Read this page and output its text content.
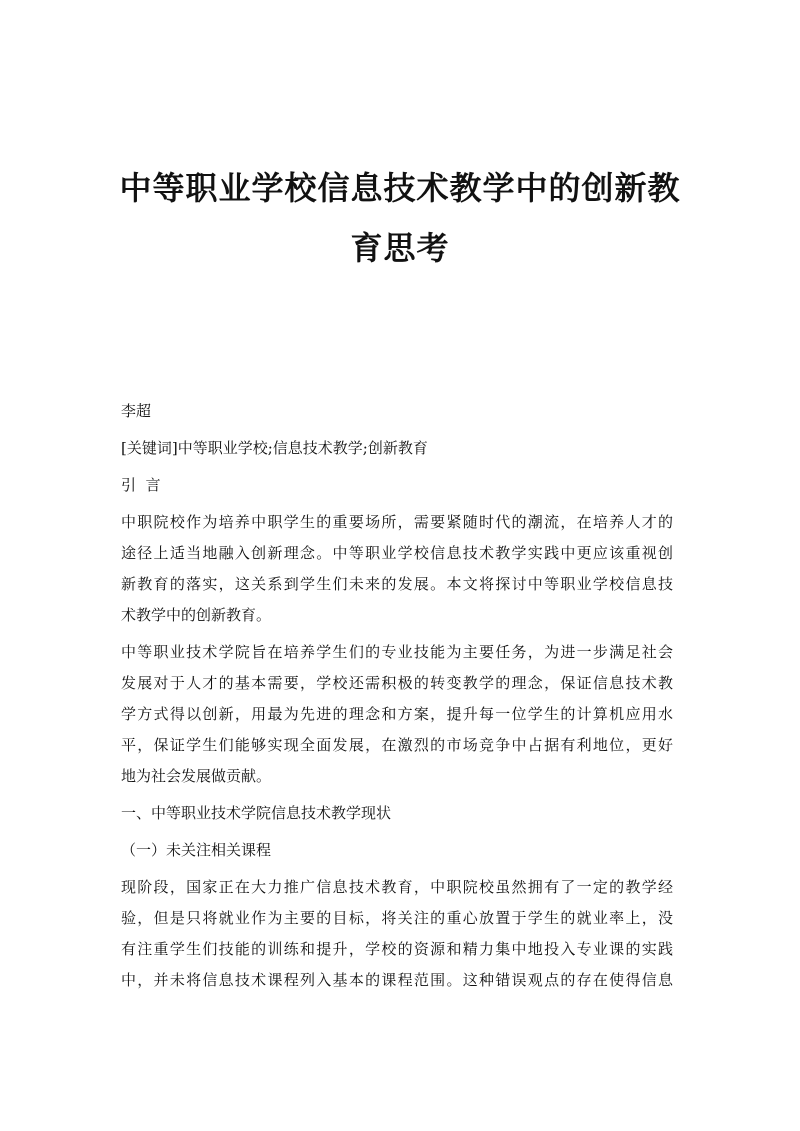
中等职业学校信息技术教学中的创新教
育思考

李超

[关键词]中等职业学校;信息技术教学;创新教育

引  言

中职院校作为培养中职学生的重要场所，需要紧随时代的潮流，在培养人才的

途径上适当地融入创新理念。中等职业学校信息技术教学实践中更应该重视创

新教育的落实，这关系到学生们未来的发展。本文将探讨中等职业学校信息技

术教学中的创新教育。

中等职业技术学院旨在培养学生们的专业技能为主要任务，为进一步满足社会

发展对于人才的基本需要，学校还需积极的转变教学的理念，保证信息技术教

学方式得以创新，用最为先进的理念和方案，提升每一位学生的计算机应用水

平，保证学生们能够实现全面发展，在激烈的市场竞争中占据有利地位，更好

地为社会发展做贡献。

一、中等职业技术学院信息技术教学现状

（一）未关注相关课程

现阶段，国家正在大力推广信息技术教育，中职院校虽然拥有了一定的教学经

验，但是只将就业作为主要的目标，将关注的重心放置于学生的就业率上，没

有注重学生们技能的训练和提升，学校的资源和精力集中地投入专业课的实践

中，并未将信息技术课程列入基本的课程范围。这种错误观点的存在使得信息
